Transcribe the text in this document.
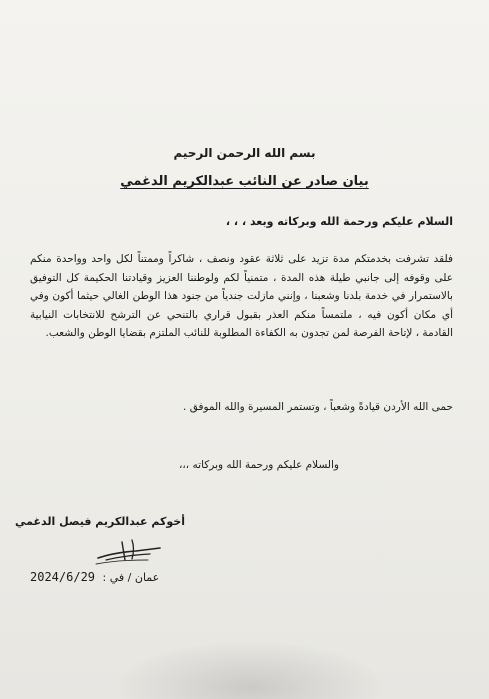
بسم الله الرحمن الرحيم
بيان صادر عن النائب عبدالكريم الدغمي
السلام عليكم ورحمة الله وبركاته وبعد ، ، ،
فلقد تشرفت بخدمتكم مدة تزيد على ثلاثة عقود ونصف ، شاكراً وممتناً لكل واحد وواحدة منكم على وقوفه إلى جانبي طيلة هذه المدة ، متمنياً لكم ولوطننا العزيز وقيادتنا الحكيمة كل التوفيق بالاستمرار في خدمة بلدنا وشعبنا ، وإنني مازلت جندياً من جنود هذا الوطن الغالي حيثما أكون وفي أي مكان أكون فيه ، ملتمساً منكم العذر بقبول قراري بالتنحي عن الترشح للانتخابات النيابية القادمة ، لإتاحة الفرصة لمن تجدون به الكفاءة المطلوبة للنائب الملتزم بقضايا الوطن والشعب.
حمى الله الأردن قيادةً وشعباً ، وتستمر المسيرة والله الموفق .
والسلام عليكم ورحمة الله وبركاته ،،،
أخوكم عبدالكريم فيصل الدغمي
عمان / في : 2024/6/29
